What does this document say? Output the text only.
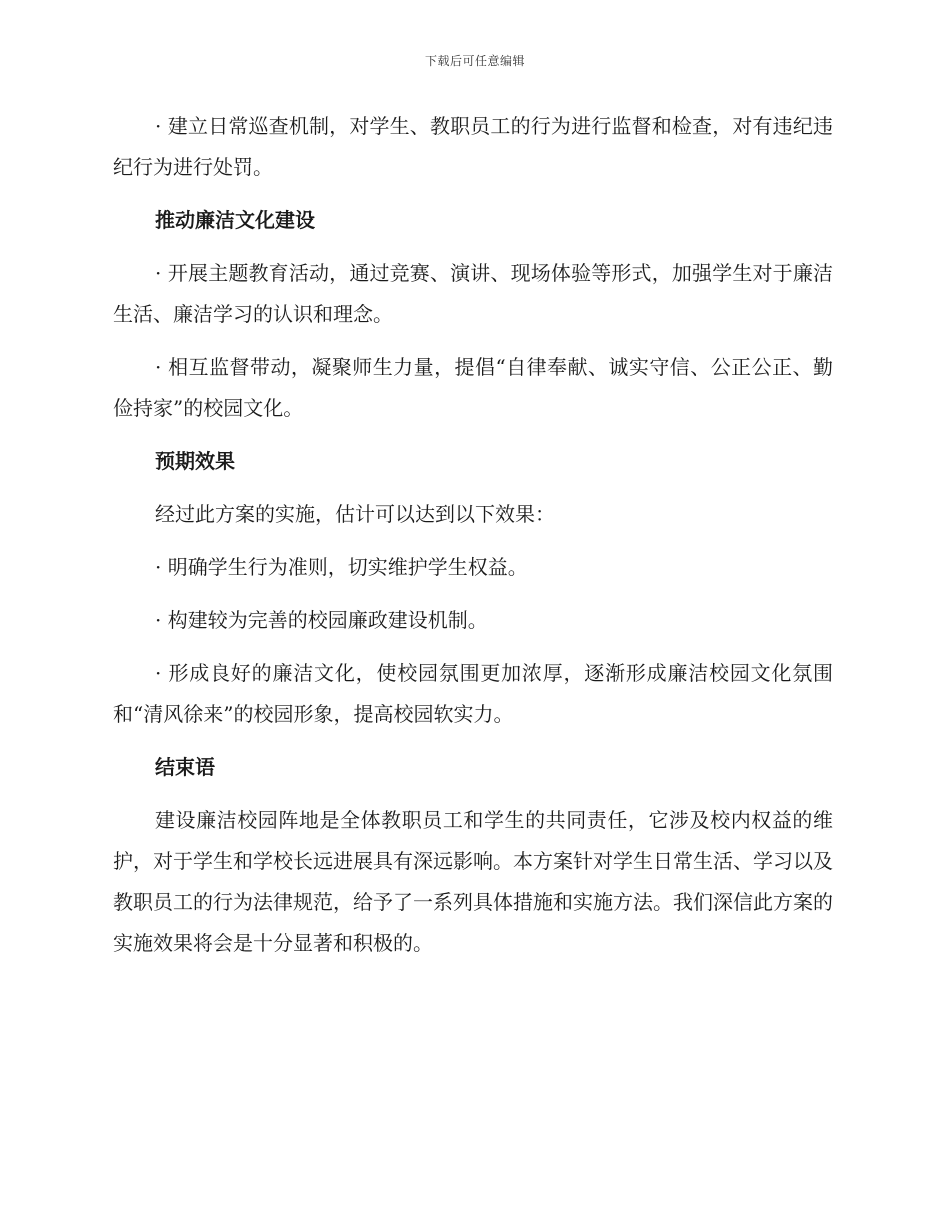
下载后可任意编辑

· 建立日常巡查机制，对学生、教职员工的行为进行监督和检查，对有违纪违纪行为进行处罚。

推动廉洁文化建设

· 开展主题教育活动，通过竞赛、演讲、现场体验等形式，加强学生对于廉洁生活、廉洁学习的认识和理念。

· 相互监督带动，凝聚师生力量，提倡“自律奉献、诚实守信、公正公正、勤俭持家”的校园文化。

预期效果

经过此方案的实施，估计可以达到以下效果：

· 明确学生行为准则，切实维护学生权益。

· 构建较为完善的校园廉政建设机制。

· 形成良好的廉洁文化，使校园氛围更加浓厚，逐渐形成廉洁校园文化氛围和“清风徐来”的校园形象，提高校园软实力。

结束语

建设廉洁校园阵地是全体教职员工和学生的共同责任，它涉及校内权益的维护，对于学生和学校长远进展具有深远影响。本方案针对学生日常生活、学习以及教职员工的行为法律规范，给予了一系列具体措施和实施方法。我们深信此方案的实施效果将会是十分显著和积极的。
